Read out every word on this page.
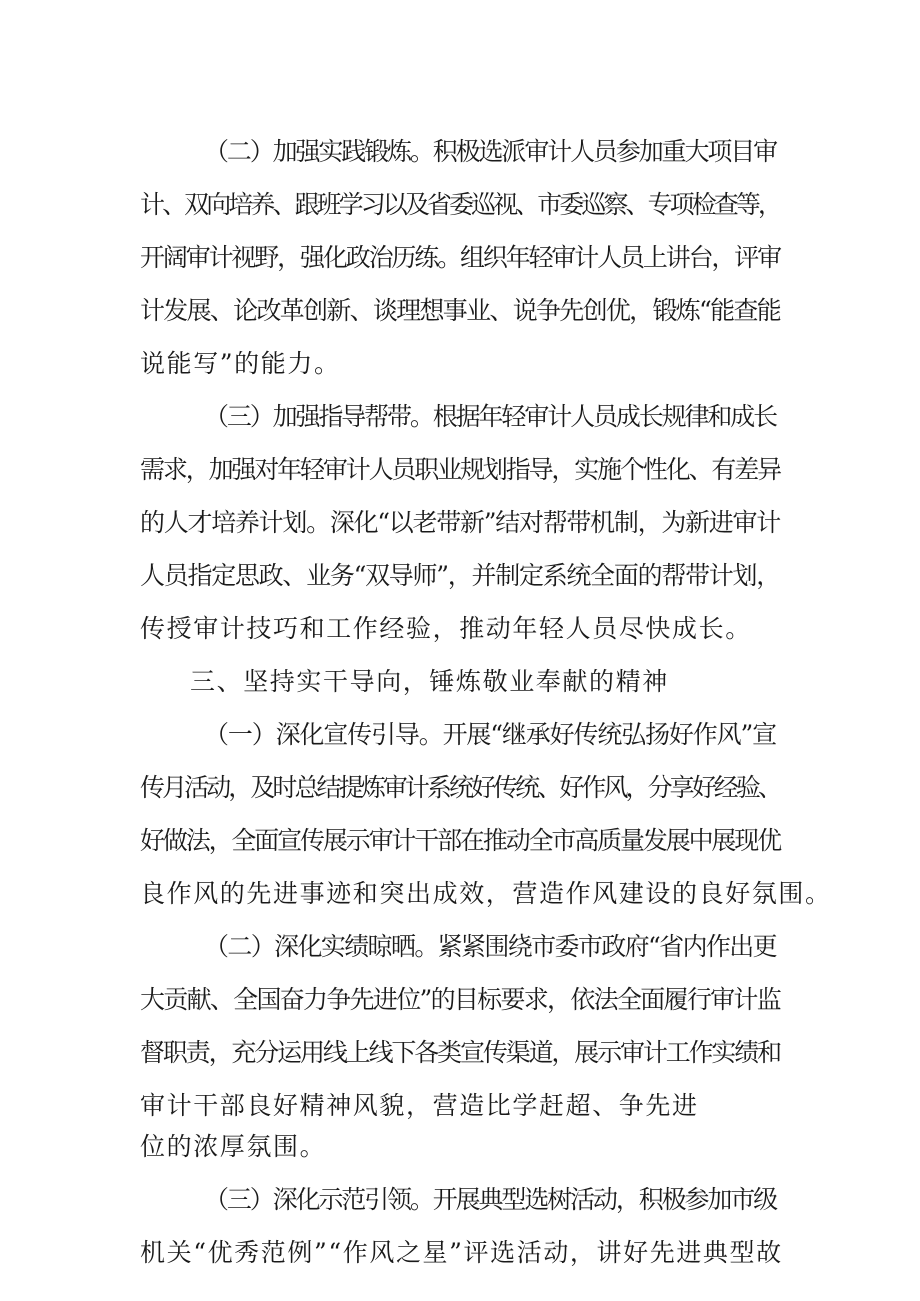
（二）加强实践锻炼。积极选派审计人员参加重大项目审
计、双向培养、跟班学习以及省委巡视、市委巡察、专项检查等，
开阔审计视野，强化政治历练。组织年轻审计人员上讲台，评审
计发展、论改革创新、谈理想事业、说争先创优，锻炼“能查能
说能写”的能力。
（三）加强指导帮带。根据年轻审计人员成长规律和成长
需求，加强对年轻审计人员职业规划指导，实施个性化、有差异
的人才培养计划。深化“以老带新”结对帮带机制，为新进审计
人员指定思政、业务“双导师”，并制定系统全面的帮带计划，
传授审计技巧和工作经验，推动年轻人员尽快成长。
三、坚持实干导向，锤炼敬业奉献的精神
（一）深化宣传引导。开展“继承好传统弘扬好作风”宣
传月活动，及时总结提炼审计系统好传统、好作风，分享好经验、
好做法，全面宣传展示审计干部在推动全市高质量发展中展现优
良作风的先进事迹和突出成效，营造作风建设的良好氛围。
（二）深化实绩晾晒。紧紧围绕市委市政府“省内作出更
大贡献、全国奋力争先进位”的目标要求，依法全面履行审计监
督职责，充分运用线上线下各类宣传渠道，展示审计工作实绩和
审计干部良好精神风貌，营造比学赶超、争先进
位的浓厚氛围。
（三）深化示范引领。开展典型选树活动，积极参加市级
机关“优秀范例”“作风之星”评选活动，讲好先进典型故
